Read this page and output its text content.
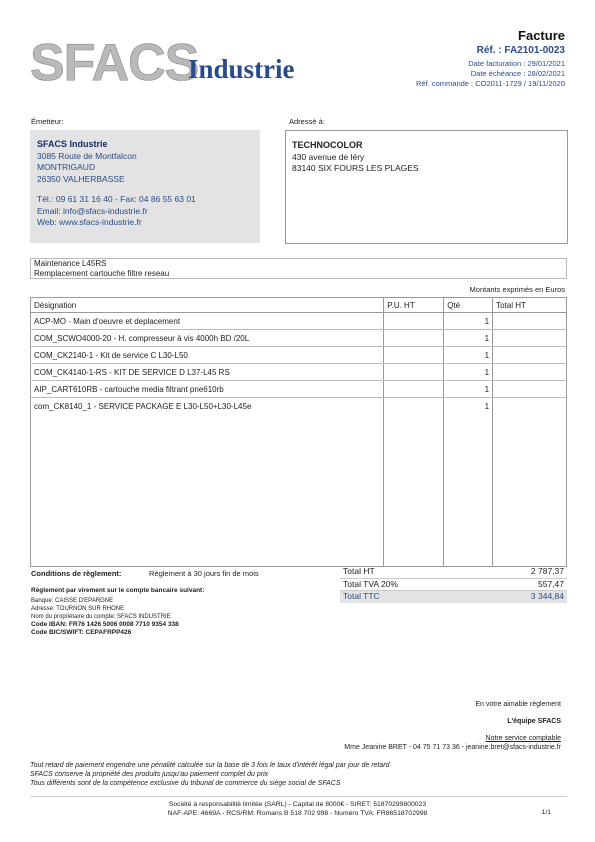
SFACS
Industrie
Facture
Réf. : FA2101-0023
Date facturation : 29/01/2021
Date échéance : 28/02/2021
Réf. commande : CO2011-1729 / 19/11/2020
Émetteur:	Adressé à:
SFACS Industrie
3085 Route de Montfalcon
MONTRIGAUD
26350 VALHERBASSE
Tél.: 09 61 31 16 40 - Fax: 04 86 55 63 01
Email: info@sfacs-industrie.fr
Web: www.sfacs-industrie.fr
TECHNOCOLOR
430 avenue de léry
83140 SIX FOURS LES PLAGES
Maintenance L45RS
Remplacement cartouche filtre reseau
Montants exprimés en Euros
Désignation	P.U. HT	Qté	Total HT
ACP-MO - Main d'oeuvre et deplacement		1	
COM_SCWO4000-20 - H. compresseur à vis 4000h BD /20L		1	
COM_CK2140-1 - Kit de service C L30-L50		1	
COM_CK4140-1-RS - KIT DE SERVICE D L37-L45 RS		1	
AIP_CART610RB - cartouche media filtrant pne610rb		1	
com_CK8140_1 - SERVICE PACKAGE E L30-L50+L30-L45e		1	

Conditions de règlement:	Règlement à 30 jours fin de mois
Règlement par virement sur le compte bancaire suivant:
Banque: CAISSE D'EPARGNE
Adresse: TOURNON SUR RHONE
Nom du propriétaire du compte: SFACS INDUSTRIE
Code IBAN: FR76 1426 5006 0008 7710 9354 338
Code BIC/SWIFT: CEPAFRPP426
Total HT	2 787,37
Total TVA 20%	557,47
Total TTC	3 344,84
En votre aimable règlement
L'équipe SFACS
Notre service comptable
Mme Jeanine BRET - 04 75 71 73 36 - jeanine.bret@sfacs-industrie.fr
Tout retard de paiement engendre une pénalité calculée sur la base de 3 fois le taux d'intérêt légal par jour de retard
SFACS conserve la propriété des produits jusqu'au paiement complet du prix
Tous différents sont de la compétence exclusive du tribunal de commerce du siège social de SFACS
Société à responsabilité limitée (SARL) - Capital de 8000€ - SIRET: 51870299800023
NAF-APE: 4669A - RCS/RM: Romans B 518 702 998 - Numéro TVA: FR86518702998	1/1
